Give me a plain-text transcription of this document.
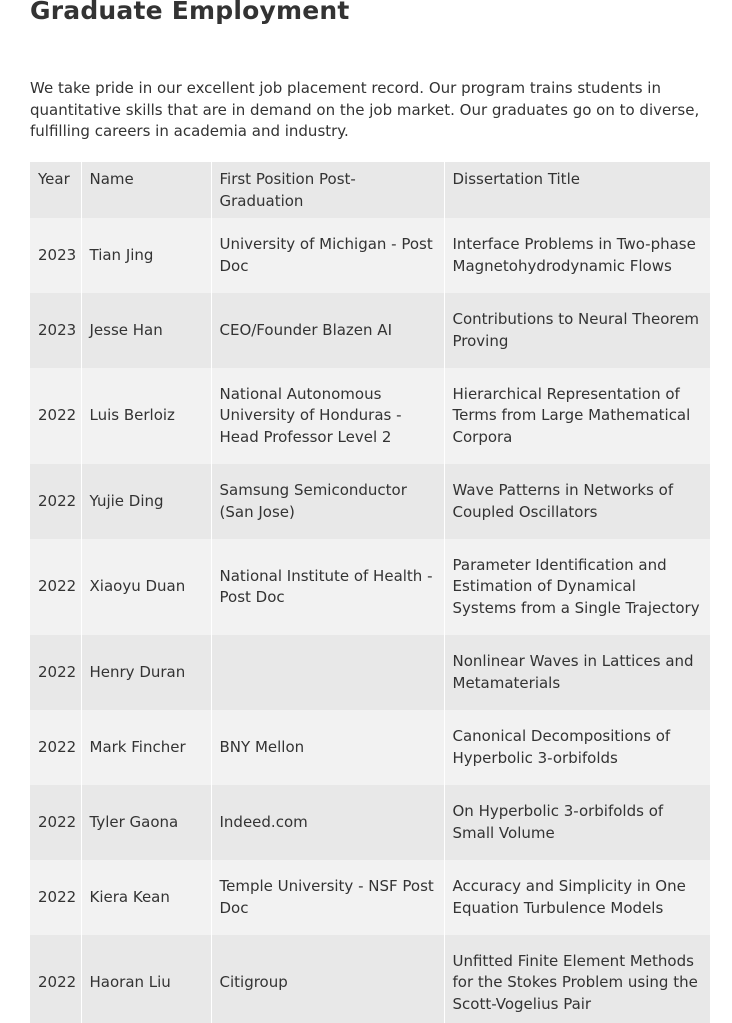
Graduate Employment

We take pride in our excellent job placement record. Our program trains students in quantitative skills that are in demand on the job market. Our graduates go on to diverse, fulfilling careers in academia and industry.

Year	Name	First Position Post-Graduation	Dissertation Title
2023	Tian Jing	University of Michigan - Post Doc	Interface Problems in Two-phase Magnetohydrodynamic Flows
2023	Jesse Han	CEO/Founder Blazen AI	Contributions to Neural Theorem Proving
2022	Luis Berloiz	National Autonomous University of Honduras - Head Professor Level 2	Hierarchical Representation of Terms from Large Mathematical Corpora
2022	Yujie Ding	Samsung Semiconductor (San Jose)	Wave Patterns in Networks of Coupled Oscillators
2022	Xiaoyu Duan	National Institute of Health - Post Doc	Parameter Identification and Estimation of Dynamical Systems from a Single Trajectory
2022	Henry Duran		Nonlinear Waves in Lattices and Metamaterials
2022	Mark Fincher	BNY Mellon	Canonical Decompositions of Hyperbolic 3-orbifolds
2022	Tyler Gaona	Indeed.com	On Hyperbolic 3-orbifolds of Small Volume
2022	Kiera Kean	Temple University - NSF Post Doc	Accuracy and Simplicity in One Equation Turbulence Models
2022	Haoran Liu	Citigroup	Unfitted Finite Element Methods for the Stokes Problem using the Scott-Vogelius Pair
